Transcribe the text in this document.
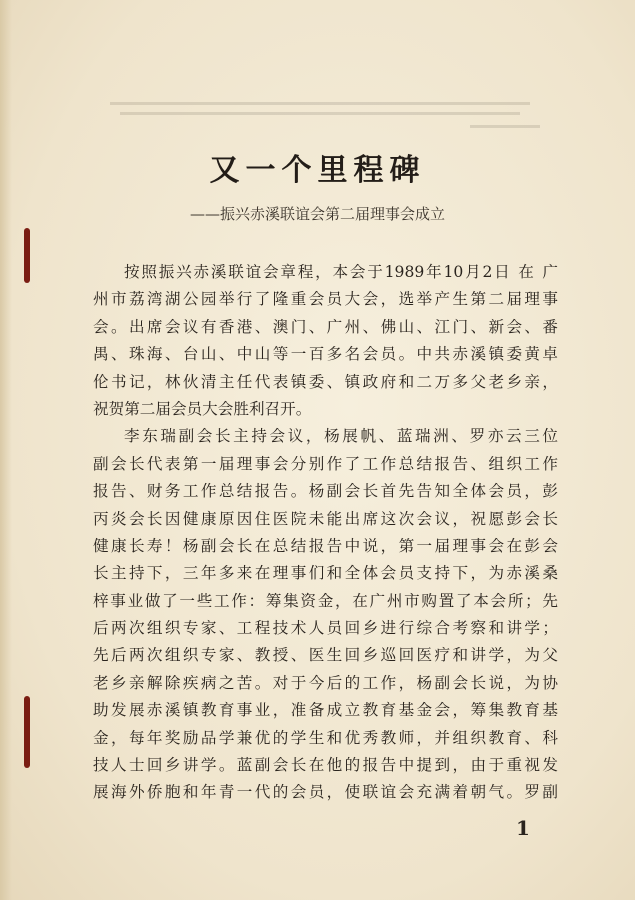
又一个里程碑
——振兴赤溪联谊会第二届理事会成立
按照振兴赤溪联谊会章程，本会于1989年10月2日 在 广
州市荔湾湖公园举行了隆重会员大会，选举产生第二届理事
会。出席会议有香港、澳门、广州、佛山、江门、新会、番
禺、珠海、台山、中山等一百多名会员。中共赤溪镇委黄卓
伦书记，林伙清主任代表镇委、镇政府和二万多父老乡亲，
祝贺第二届会员大会胜利召开。
李东瑞副会长主持会议，杨展帆、蓝瑞洲、罗亦云三位
副会长代表第一届理事会分别作了工作总结报告、组织工作
报告、财务工作总结报告。杨副会长首先告知全体会员，彭
丙炎会长因健康原因住医院未能出席这次会议，祝愿彭会长
健康长寿！杨副会长在总结报告中说，第一届理事会在彭会
长主持下，三年多来在理事们和全体会员支持下，为赤溪桑
梓事业做了一些工作：筹集资金，在广州市购置了本会所；先
后两次组织专家、工程技术人员回乡进行综合考察和讲学；
先后两次组织专家、教授、医生回乡巡回医疗和讲学，为父
老乡亲解除疾病之苦。对于今后的工作，杨副会长说，为协
助发展赤溪镇教育事业，准备成立教育基金会，筹集教育基
金，每年奖励品学兼优的学生和优秀教师，并组织教育、科
技人士回乡讲学。蓝副会长在他的报告中提到，由于重视发
展海外侨胞和年青一代的会员，使联谊会充满着朝气。罗副
1
